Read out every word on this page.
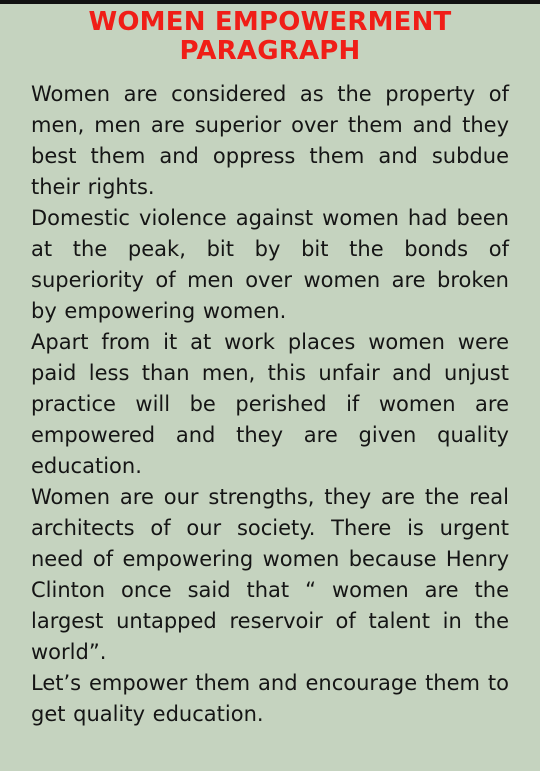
WOMEN EMPOWERMENT
PARAGRAPH

Women are considered as the property of men, men are superior over them and they best them and oppress them and subdue their rights.

Domestic violence against women had been at the peak, bit by bit the bonds of superiority of men over women are broken by empowering women.

Apart from it at work places women were paid less than men, this unfair and unjust practice will be perished if women are empowered and they are given quality education.

Women are our strengths, they are the real architects of our society. There is urgent need of empowering women because Henry Clinton once said that “ women are the largest untapped reservoir of talent in the world”.

Let’s empower them and encourage them to get quality education.
